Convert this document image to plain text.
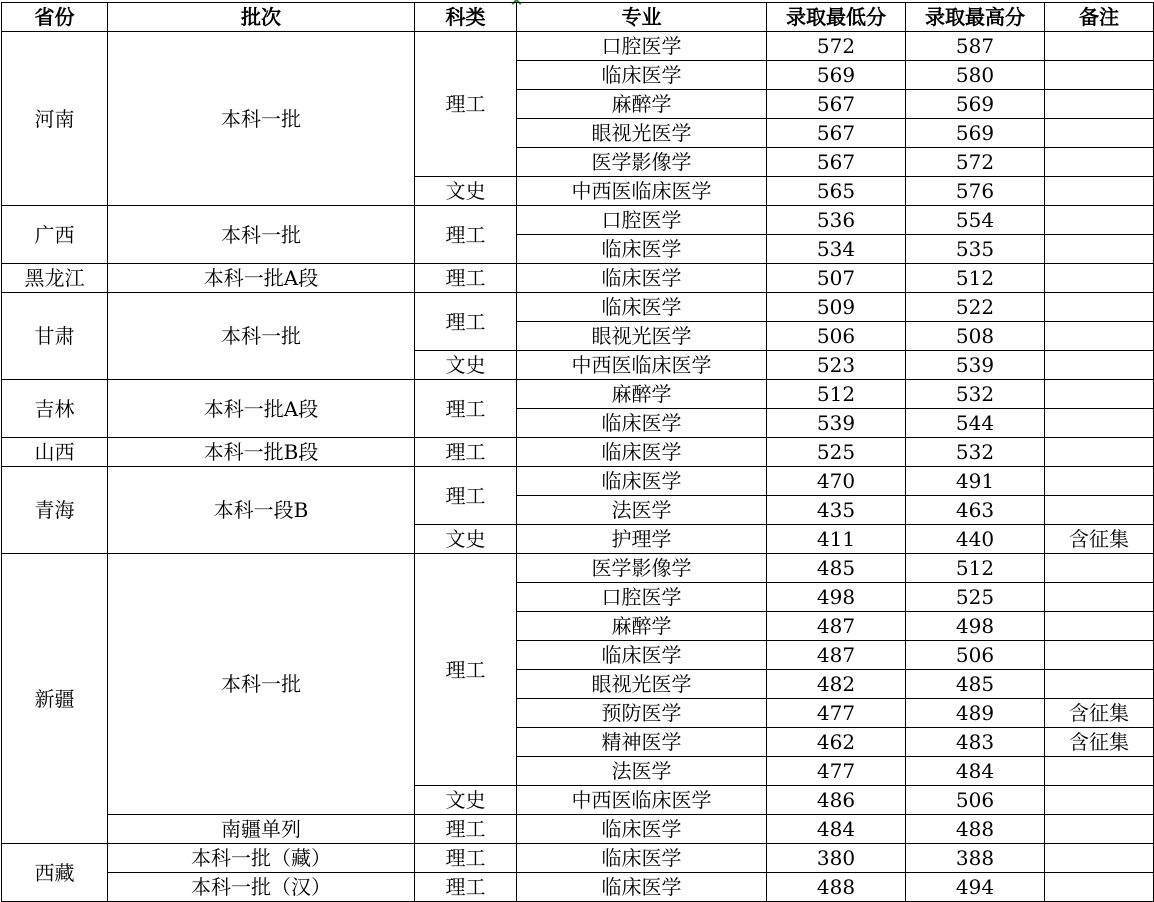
省份	批次	科类	专业	录取最低分	录取最高分	备注
河南	本科一批	理工	口腔医学	572	587	
			临床医学	569	580	
			麻醉学	567	569	
			眼视光医学	567	569	
			医学影像学	567	572	
		文史	中西医临床医学	565	576	
广西	本科一批	理工	口腔医学	536	554	
			临床医学	534	535	
黑龙江	本科一批A段	理工	临床医学	507	512	
甘肃	本科一批	理工	临床医学	509	522	
			眼视光医学	506	508	
		文史	中西医临床医学	523	539	
吉林	本科一批A段	理工	麻醉学	512	532	
			临床医学	539	544	
山西	本科一批B段	理工	临床医学	525	532	
青海	本科一段B	理工	临床医学	470	491	
			法医学	435	463	
		文史	护理学	411	440	含征集
新疆	本科一批	理工	医学影像学	485	512	
			口腔医学	498	525	
			麻醉学	487	498	
			临床医学	487	506	
			眼视光医学	482	485	
			预防医学	477	489	含征集
			精神医学	462	483	含征集
			法医学	477	484	
		文史	中西医临床医学	486	506	
	南疆单列	理工	临床医学	484	488	
西藏	本科一批（藏）	理工	临床医学	380	388	
	本科一批（汉）	理工	临床医学	488	494	
